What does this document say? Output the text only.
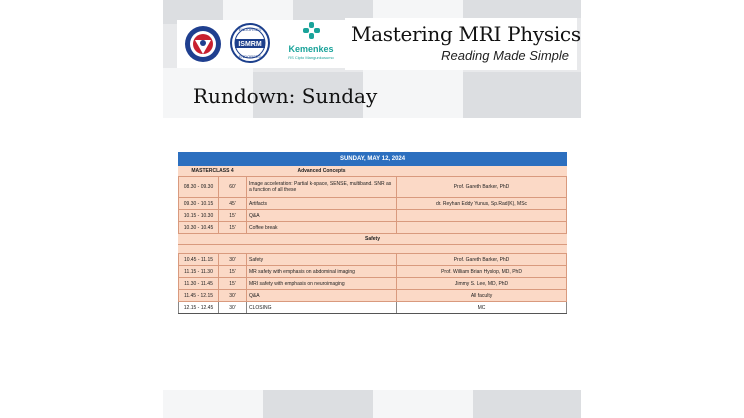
ENDORSED
ISMRM
ENDORSED
Kemenkes
RS Cipto Mangunkusumo
Mastering MRI Physics
Reading Made Simple
Rundown: Sunday
SUNDAY, MAY 12, 2024			
MASTERCLASS 4		Advanced Concepts	
08.30 - 09.30	60'	Image acceleration: Partial k-space, SENSE, multiband. SNR as a function of all these	Prof. Gareth Barker, PhD
09.30 - 10.15	45'	Artifacts	dr. Reyhan Eddy Yunus, Sp.Rad(K), MSc
10.15 - 10.30	15'	Q&A	
10.30 - 10.45	15'	Coffee break	
Safety			

10.45 - 11.15	30'	Safety	Prof. Gareth Barker, PhD
11.15 - 11.30	15'	MR safety with emphasis on abdominal imaging	Prof. William Brian Hyslop, MD, PhD
11.30 - 11.45	15'	MRI safety with emphasis on neuroimaging	Jimmy S. Lee, MD, PhD
11.45 - 12.15	30'	Q&A	All faculty
12.15 - 12.45	30'	CLOSING	MC
